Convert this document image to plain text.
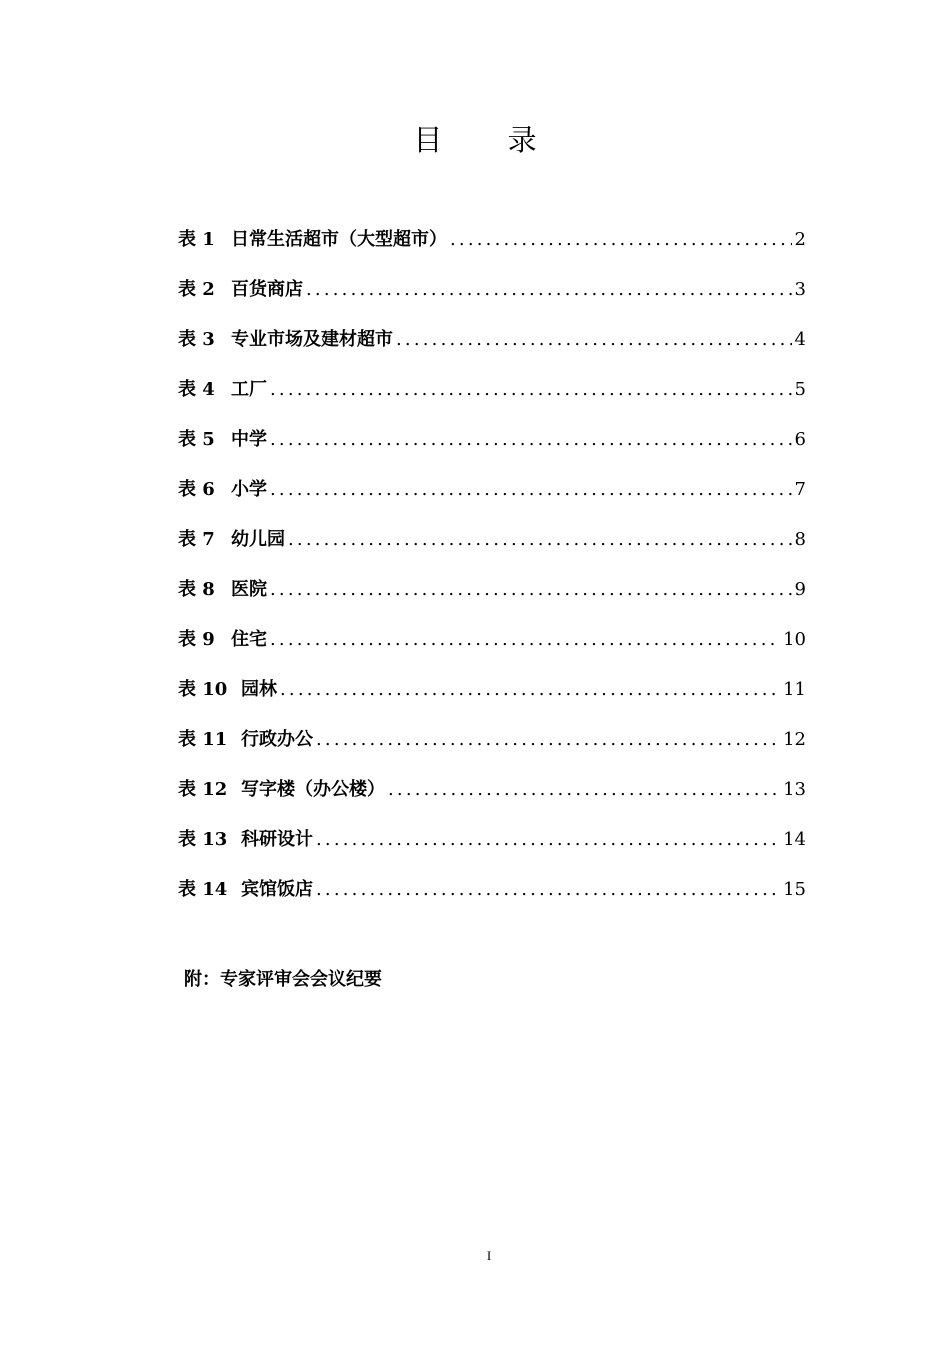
目 录
表 1 日常生活超市（大型超市） .....	2
表 2 百货商店 .....	3
表 3 专业市场及建材超市 .....	4
表 4 工厂 .....	5
表 5 中学 .....	6
表 6 小学 .....	7
表 7 幼儿园 .....	8
表 8 医院 .....	9
表 9 住宅 .....	10
表 10 园林 .....	11
表 11 行政办公 .....	12
表 12 写字楼（办公楼） .....	13
表 13 科研设计 .....	14
表 14 宾馆饭店 .....	15
附：专家评审会会议纪要
I
